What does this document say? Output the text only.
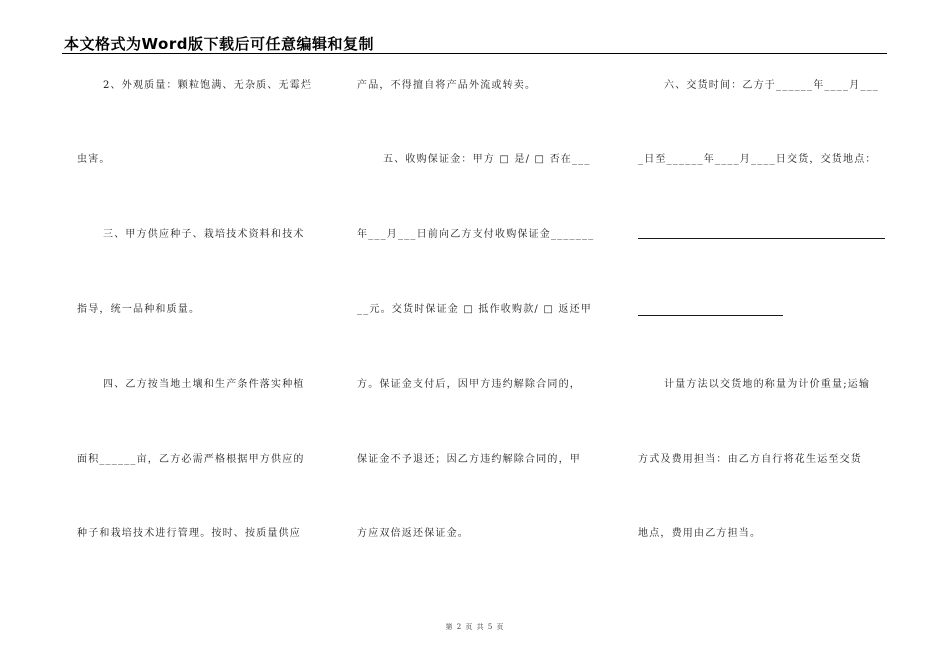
本文格式为Word版下载后可任意编辑和复制
2、外观质量：颗粒饱满、无杂质、无霉烂
虫害。
三、甲方供应种子、栽培技术资料和技术
指导，统一品种和质量。
四、乙方按当地土壤和生产条件落实种植
面积______亩，乙方必需严格根据甲方供应的
种子和栽培技术进行管理。按时、按质量供应
产品，不得擅自将产品外流或转卖。
五、收购保证金：甲方 □ 是/ □ 否在___
年___月___日前向乙方支付收购保证金_______
__元。交货时保证金 □ 抵作收购款/ □ 返还甲
方。保证金支付后，因甲方违约解除合同的，
保证金不予退还；因乙方违约解除合同的，甲
方应双倍返还保证金。
六、交货时间：乙方于______年____月___
_日至______年____月____日交货，交货地点：
计量方法以交货地的称量为计价重量;运输
方式及费用担当：由乙方自行将花生运至交货
地点，费用由乙方担当。
第 2 页 共 5 页
